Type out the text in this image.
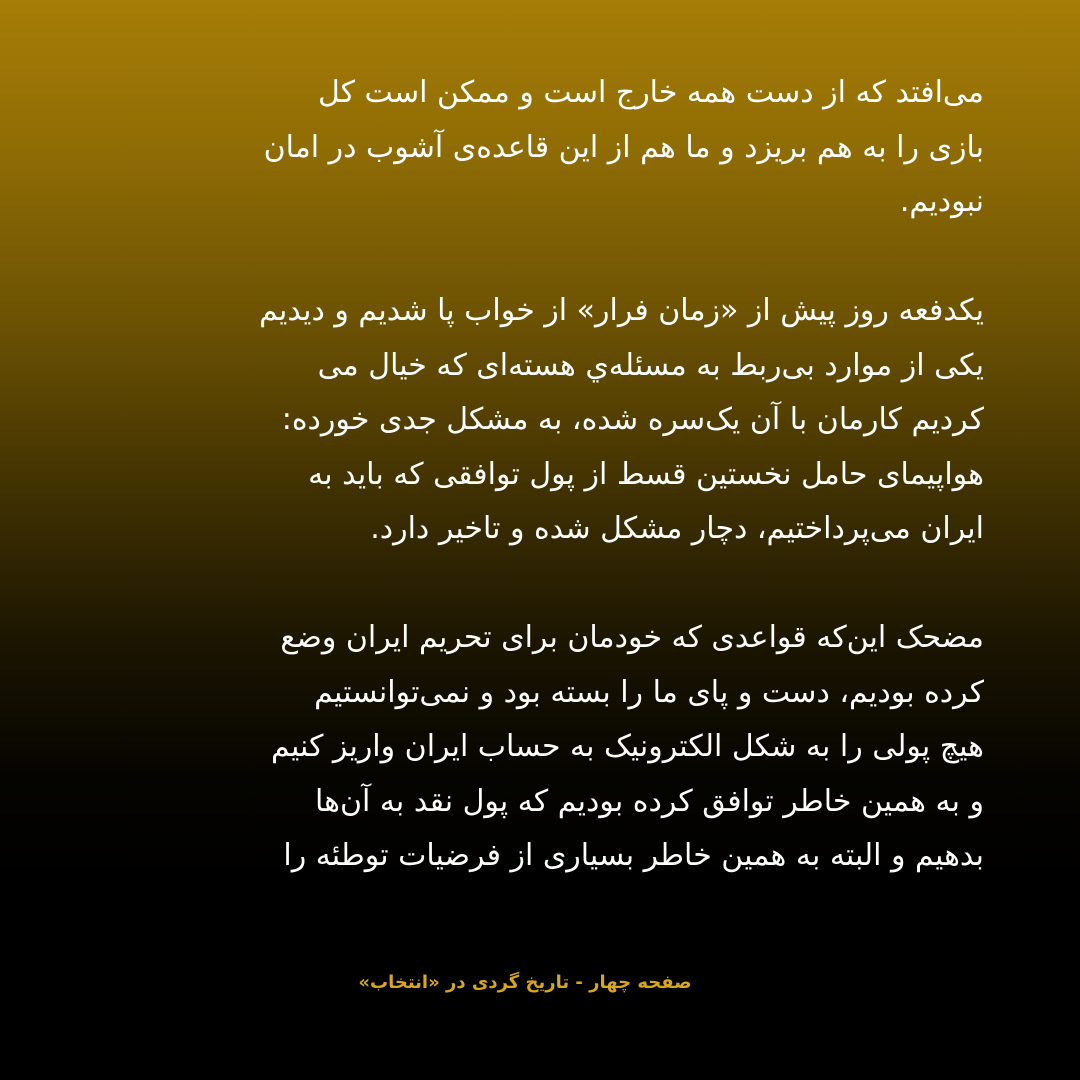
می‌افتد که از دست همه خارج است و ممکن است کل
بازی را به هم بریزد و ما هم از این قاعده‌ی آشوب در امان
نبودیم.
یکدفعه روز پیش از «زمان فرار» از خواب پا شدیم و دیدیم
یکی از موارد بی‌ربط به مسئله‌ي هسته‌ای که خیال می
کردیم کارمان با آن یک‌سره شده، به مشکل جدی خورده:
هواپیمای حامل نخستین قسط از پول توافقی که باید به
ایران می‌پرداختیم، دچار مشکل شده و تاخیر دارد.
مضحک این‌که قواعدی که خودمان برای تحریم ایران وضع
کرده بودیم، دست و پای ما را بسته بود و نمی‌توانستیم
هیچ پولی را به شکل الکترونیک به حساب ایران واریز کنیم
و به همین خاطر توافق کرده بودیم که پول نقد به آن‌ها
بدهیم و البته به همین خاطر بسیاری از فرضیات توطئه را
صفحه چهار - تاریخ گردی در «انتخاب»
